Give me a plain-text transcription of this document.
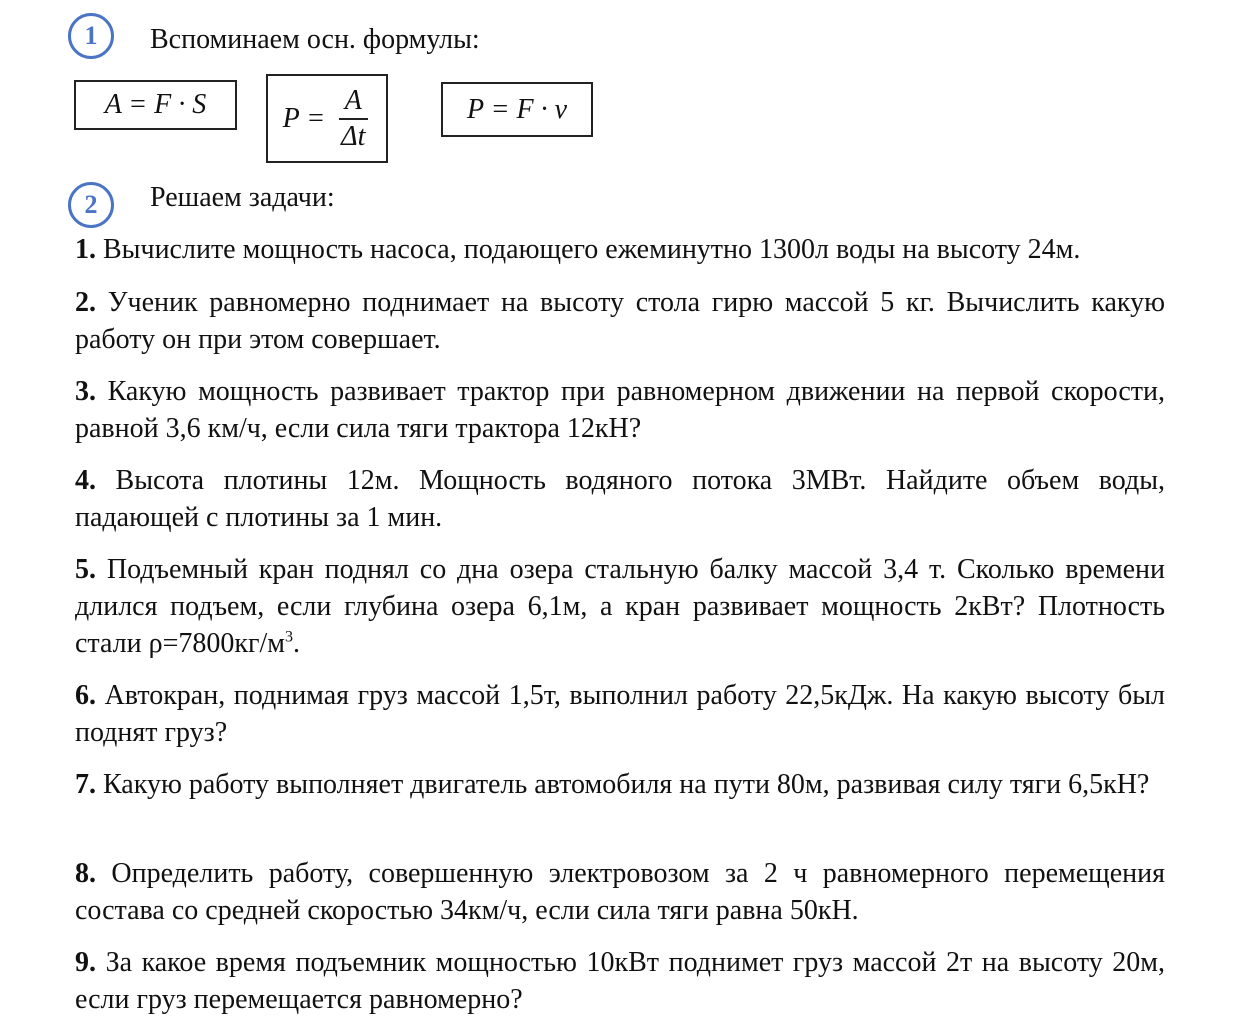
1	Вспоминаем осн. формулы:
A = F · S	$P = \frac{A}{\Delta t}$	P = F · v
2	Решаем задачи:

1. Вычислите мощность насоса, подающего ежеминутно 1300л воды на высоту 24м.

2. Ученик равномерно поднимает на высоту стола гирю массой 5 кг. Вычислить какую работу он при этом совершает.

3. Какую мощность развивает трактор при равномерном движении на первой скорости, равной 3,6 км/ч, если сила тяги трактора 12кН?

4. Высота плотины 12м. Мощность водяного потока 3МВт. Найдите объем воды, падающей с плотины за 1 мин.

5. Подъемный кран поднял со дна озера стальную балку массой 3,4 т. Сколько времени длился подъем, если глубина озера 6,1м, а кран развивает мощность 2кВт? Плотность стали $\rho=7800кг/м^3$.

6. Автокран, поднимая груз массой 1,5т, выполнил работу 22,5кДж. На какую высоту был поднят груз?

7. Какую работу выполняет двигатель автомобиля на пути 80м, развивая силу тяги 6,5кН?

8. Определить работу, совершенную электровозом за 2 ч равномерного перемещения состава со средней скоростью 34км/ч, если сила тяги равна 50кН.

9. За какое время подъемник мощностью 10кВт поднимет груз массой 2т на высоту 20м, если груз перемещается равномерно?
